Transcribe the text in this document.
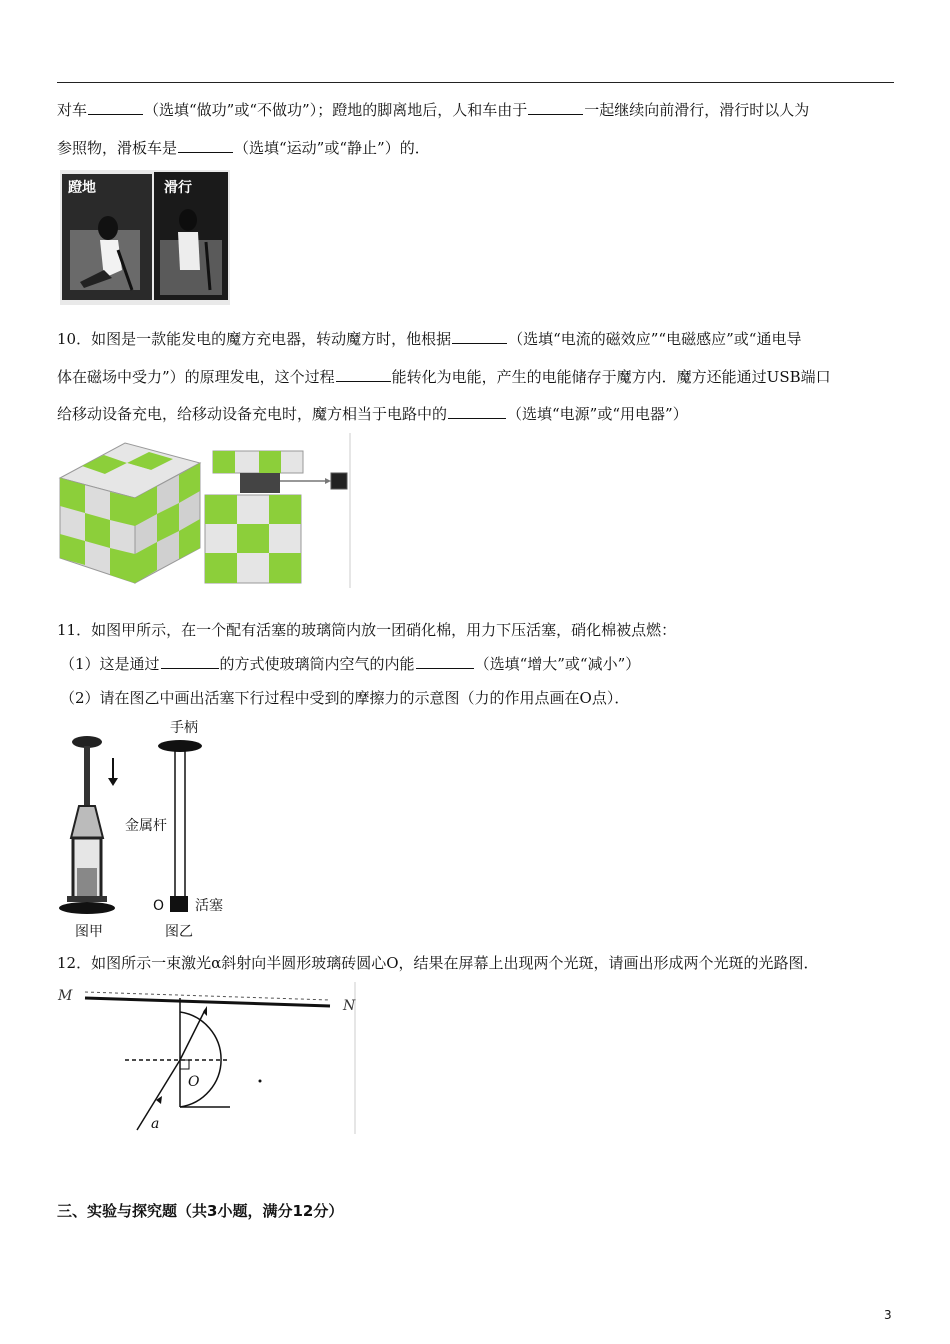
对车	（选填“做功”或“不做功”）；蹬地的脚离地后，人和车由于	一起继续向前滑行，滑行时以人为
参照物，滑板车是	（选填“运动”或“静止”）的．
蹬地	滑行
10．如图是一款能发电的魔方充电器，转动魔方时，他根据	（选填“电流的磁效应”“电磁感应”或“通电导
体在磁场中受力”）的原理发电，这个过程	能转化为电能，产生的电能储存于魔方内．魔方还能通过USB端口
给移动设备充电，给移动设备充电时，魔方相当于电路中的	（选填“电源”或“用电器”）
11．如图甲所示，在一个配有活塞的玻璃筒内放一团硝化棉，用力下压活塞，硝化棉被点燃：
（1）这是通过	的方式使玻璃筒内空气的内能	（选填“增大”或“减小”）
（2）请在图乙中画出活塞下行过程中受到的摩擦力的示意图（力的作用点画在O点）．
手柄
金属杆
O 活塞
图甲	图乙
12．如图所示一束激光α斜射向半圆形玻璃砖圆心O，结果在屏幕上出现两个光斑，请画出形成两个光斑的光路图．
M
N
O
a
三、实验与探究题（共3小题，满分12分）
3
